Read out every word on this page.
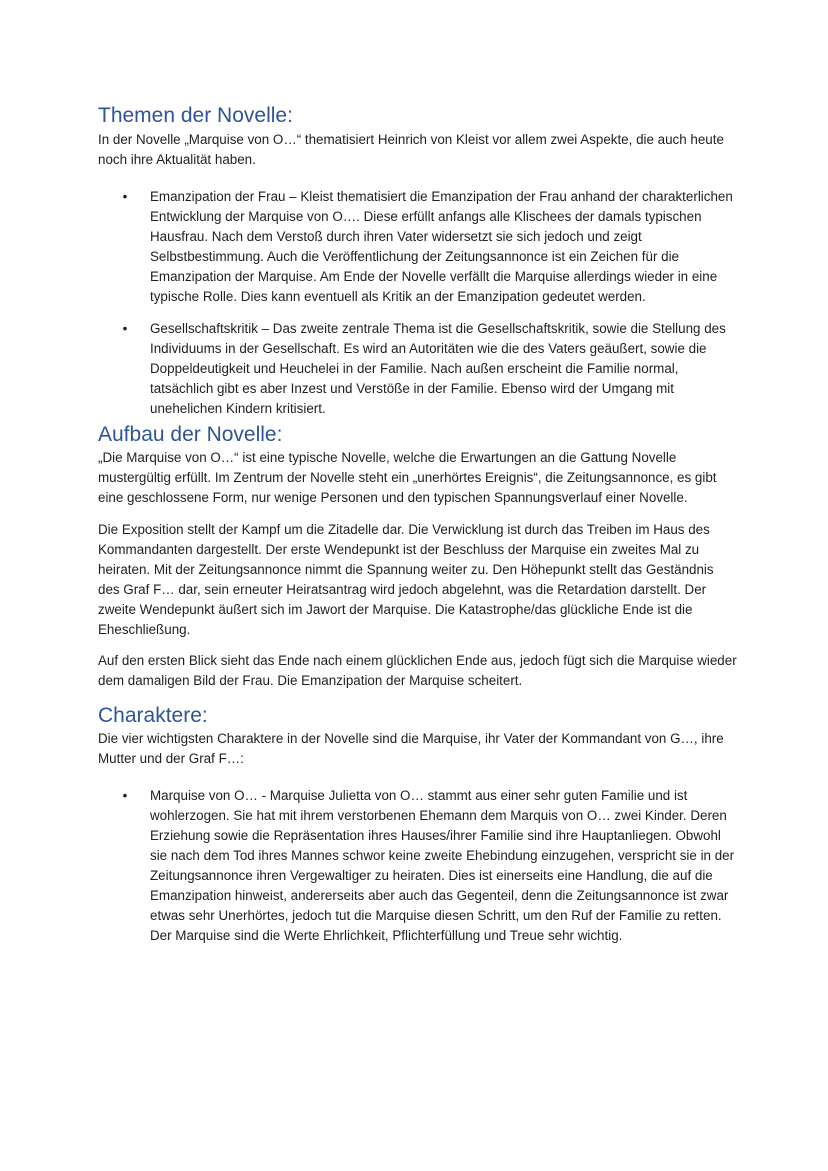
Themen der Novelle:

In der Novelle „Marquise von O…“ thematisiert Heinrich von Kleist vor allem zwei Aspekte, die auch heute noch ihre Aktualität haben.

• Emanzipation der Frau – Kleist thematisiert die Emanzipation der Frau anhand der charakterlichen Entwicklung der Marquise von O…. Diese erfüllt anfangs alle Klischees der damals typischen Hausfrau. Nach dem Verstoß durch ihren Vater widersetzt sie sich jedoch und zeigt Selbstbestimmung. Auch die Veröffentlichung der Zeitungsannonce ist ein Zeichen für die Emanzipation der Marquise. Am Ende der Novelle verfällt die Marquise allerdings wieder in eine typische Rolle. Dies kann eventuell als Kritik an der Emanzipation gedeutet werden.
• Gesellschaftskritik – Das zweite zentrale Thema ist die Gesellschaftskritik, sowie die Stellung des Individuums in der Gesellschaft. Es wird an Autoritäten wie die des Vaters geäußert, sowie die Doppeldeutigkeit und Heuchelei in der Familie. Nach außen erscheint die Familie normal, tatsächlich gibt es aber Inzest und Verstöße in der Familie. Ebenso wird der Umgang mit unehelichen Kindern kritisiert.
Aufbau der Novelle:

„Die Marquise von O…“ ist eine typische Novelle, welche die Erwartungen an die Gattung Novelle mustergültig erfüllt. Im Zentrum der Novelle steht ein „unerhörtes Ereignis“, die Zeitungsannonce, es gibt eine geschlossene Form, nur wenige Personen und den typischen Spannungsverlauf einer Novelle.

Die Exposition stellt der Kampf um die Zitadelle dar. Die Verwicklung ist durch das Treiben im Haus des Kommandanten dargestellt. Der erste Wendepunkt ist der Beschluss der Marquise ein zweites Mal zu heiraten. Mit der Zeitungsannonce nimmt die Spannung weiter zu. Den Höhepunkt stellt das Geständnis des Graf F… dar, sein erneuter Heiratsantrag wird jedoch abgelehnt, was die Retardation darstellt. Der zweite Wendepunkt äußert sich im Jawort der Marquise. Die Katastrophe/das glückliche Ende ist die Eheschließung.

Auf den ersten Blick sieht das Ende nach einem glücklichen Ende aus, jedoch fügt sich die Marquise wieder dem damaligen Bild der Frau. Die Emanzipation der Marquise scheitert.

Charaktere:

Die vier wichtigsten Charaktere in der Novelle sind die Marquise, ihr Vater der Kommandant von G…, ihre Mutter und der Graf F…:

• Marquise von O… - Marquise Julietta von O… stammt aus einer sehr guten Familie und ist wohlerzogen. Sie hat mit ihrem verstorbenen Ehemann dem Marquis von O… zwei Kinder. Deren Erziehung sowie die Repräsentation ihres Hauses/ihrer Familie sind ihre Hauptanliegen. Obwohl sie nach dem Tod ihres Mannes schwor keine zweite Ehebindung einzugehen, verspricht sie in der Zeitungsannonce ihren Vergewaltiger zu heiraten. Dies ist einerseits eine Handlung, die auf die Emanzipation hinweist, andererseits aber auch das Gegenteil, denn die Zeitungsannonce ist zwar etwas sehr Unerhörtes, jedoch tut die Marquise diesen Schritt, um den Ruf der Familie zu retten. Der Marquise sind die Werte Ehrlichkeit, Pflichterfüllung und Treue sehr wichtig.
